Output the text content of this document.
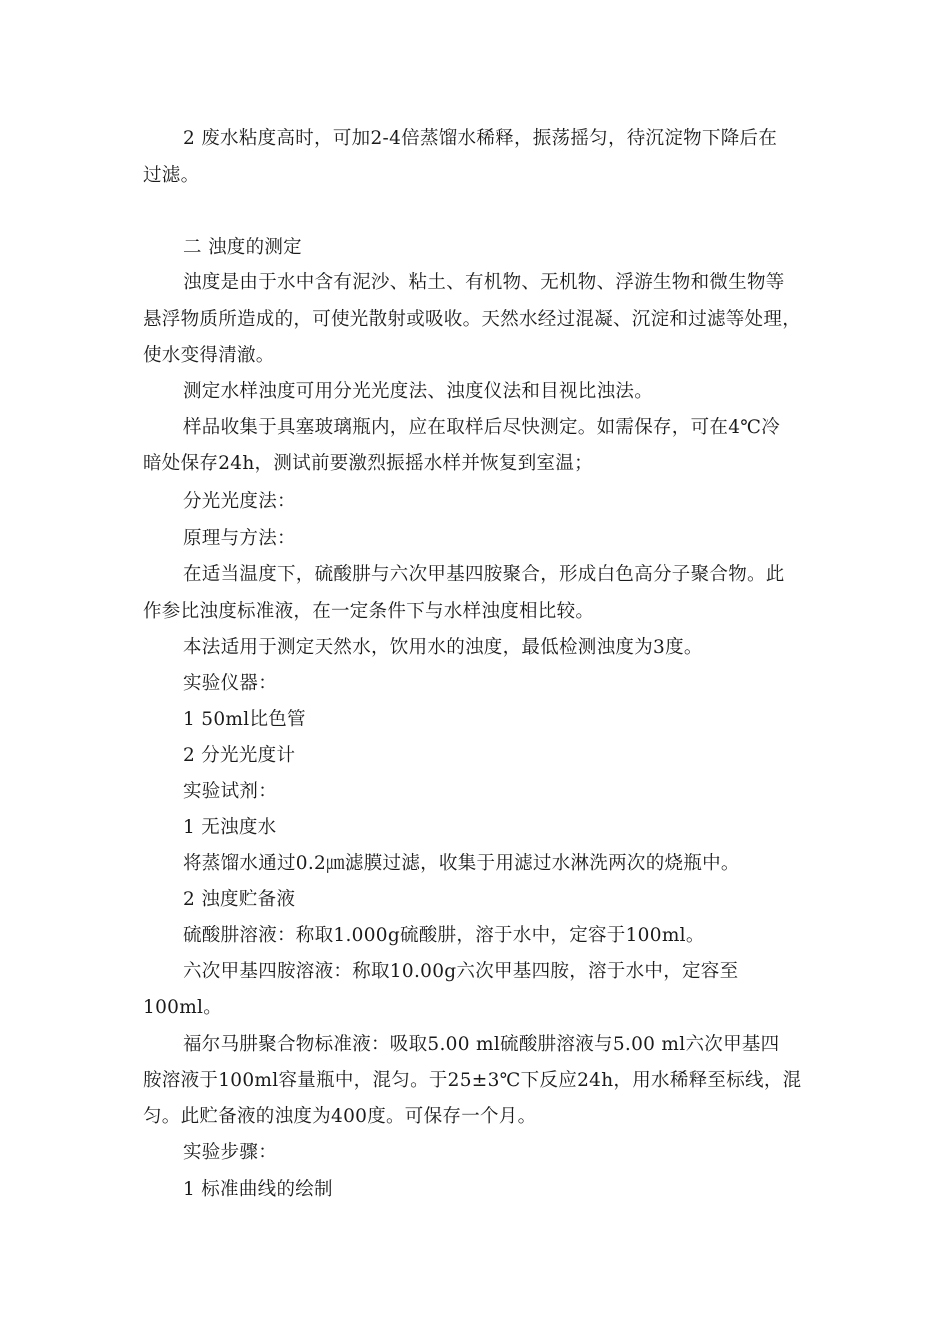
2 废水粘度高时，可加2-4倍蒸馏水稀释，振荡摇匀，待沉淀物下降后在
过滤。
二 浊度的测定
浊度是由于水中含有泥沙、粘土、有机物、无机物、浮游生物和微生物等
悬浮物质所造成的，可使光散射或吸收。天然水经过混凝、沉淀和过滤等处理，
使水变得清澈。
测定水样浊度可用分光光度法、浊度仪法和目视比浊法。
样品收集于具塞玻璃瓶内，应在取样后尽快测定。如需保存，可在4℃冷
暗处保存24h，测试前要激烈振摇水样并恢复到室温；
分光光度法：
原理与方法：
在适当温度下，硫酸肼与六次甲基四胺聚合，形成白色高分子聚合物。此
作参比浊度标准液，在一定条件下与水样浊度相比较。
本法适用于测定天然水，饮用水的浊度，最低检测浊度为3度。
实验仪器：
1 50ml比色管
2 分光光度计
实验试剂：
1 无浊度水
将蒸馏水通过0.2㎛滤膜过滤，收集于用滤过水淋洗两次的烧瓶中。
2 浊度贮备液
硫酸肼溶液：称取1.000g硫酸肼，溶于水中，定容于100ml。
六次甲基四胺溶液：称取10.00g六次甲基四胺，溶于水中，定容至
100ml。
福尔马肼聚合物标准液：吸取5.00 ml硫酸肼溶液与5.00 ml六次甲基四
胺溶液于100ml容量瓶中，混匀。于25±3℃下反应24h，用水稀释至标线，混
匀。此贮备液的浊度为400度。可保存一个月。
实验步骤：
1 标准曲线的绘制
